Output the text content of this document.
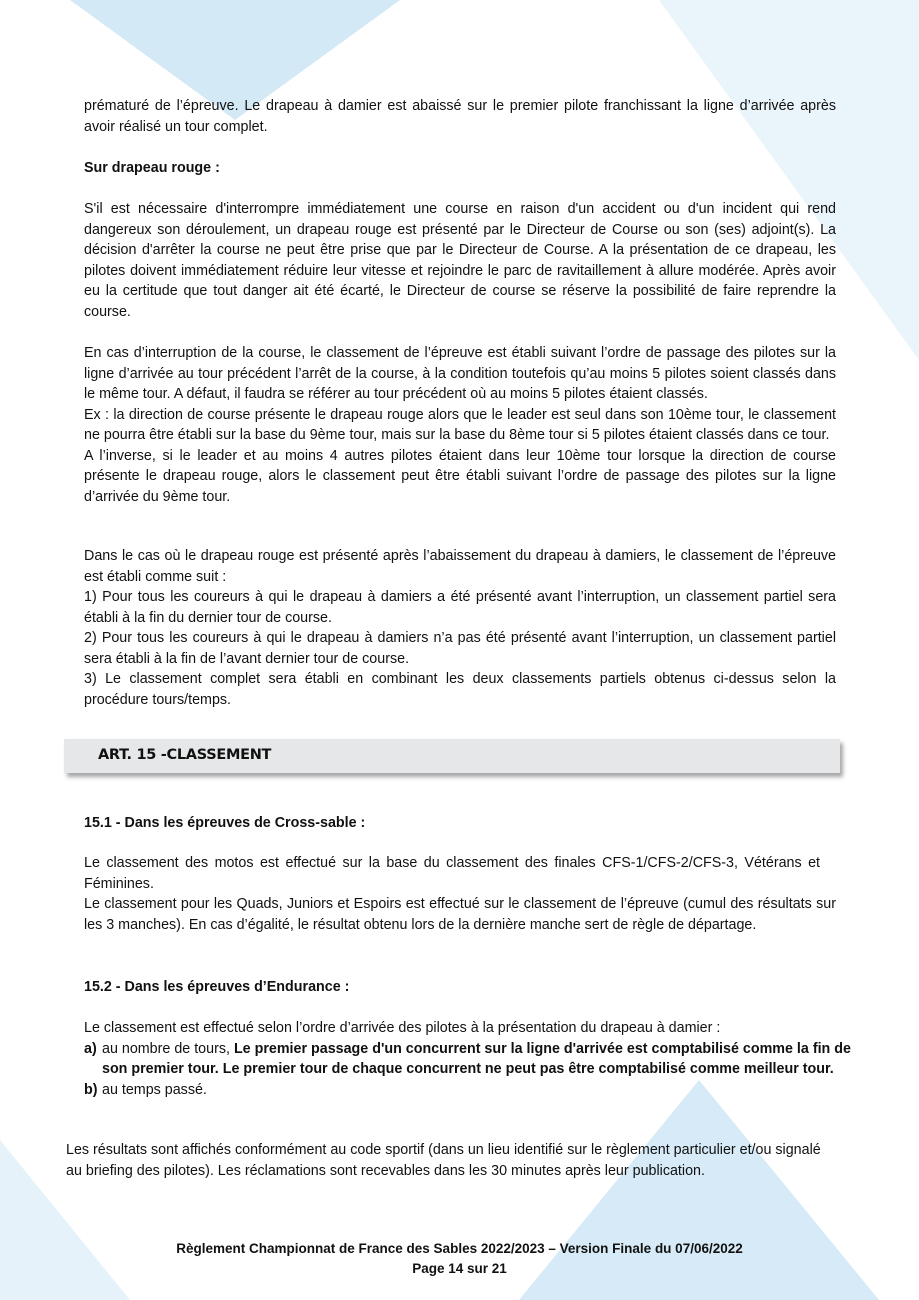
prématuré de l’épreuve. Le drapeau à damier est abaissé sur le premier pilote franchissant la ligne d’arrivée après avoir réalisé un tour complet.

Sur drapeau rouge :

S'il est nécessaire d'interrompre immédiatement une course en raison d'un accident ou d'un incident qui rend dangereux son déroulement, un drapeau rouge est présenté par le Directeur de Course ou son (ses) adjoint(s). La décision d'arrêter la course ne peut être prise que par le Directeur de Course. A la présentation de ce drapeau, les pilotes doivent immédiatement réduire leur vitesse et rejoindre le parc de ravitaillement à allure modérée. Après avoir eu la certitude que tout danger ait été écarté, le Directeur de course se réserve la possibilité de faire reprendre la course.

En cas d’interruption de la course, le classement de l’épreuve est établi suivant l’ordre de passage des pilotes sur la ligne d’arrivée au tour précédent l’arrêt de la course, à la condition toutefois qu’au moins 5 pilotes soient classés dans le même tour. A défaut, il faudra se référer au tour précédent où au moins 5 pilotes étaient classés.

Ex : la direction de course présente le drapeau rouge alors que le leader est seul dans son 10ème tour, le classement ne pourra être établi sur la base du 9ème tour, mais sur la base du 8ème tour si 5 pilotes étaient classés dans ce tour.

A l’inverse, si le leader et au moins 4 autres pilotes étaient dans leur 10ème tour lorsque la direction de course présente le drapeau rouge, alors le classement peut être établi suivant l’ordre de passage des pilotes sur la ligne d’arrivée du 9ème tour.

Dans le cas où le drapeau rouge est présenté après l’abaissement du drapeau à damiers, le classement de l’épreuve est établi comme suit :

1) Pour tous les coureurs à qui le drapeau à damiers a été présenté avant l’interruption, un classement partiel sera établi à la fin du dernier tour de course.

2) Pour tous les coureurs à qui le drapeau à damiers n’a pas été présenté avant l’interruption, un classement partiel sera établi à la fin de l’avant dernier tour de course.

3) Le classement complet sera établi en combinant les deux classements partiels obtenus ci-dessus selon la procédure tours/temps.

ART. 15 -CLASSEMENT

15.1 - Dans les épreuves de Cross-sable :

Le classement des motos est effectué sur la base du classement des finales CFS-1/CFS-2/CFS-3, Vétérans et Féminines.

Le classement pour les Quads, Juniors et Espoirs est effectué sur le classement de l’épreuve (cumul des résultats sur les 3 manches). En cas d’égalité, le résultat obtenu lors de la dernière manche sert de règle de départage.

15.2 - Dans les épreuves d’Endurance :

Le classement est effectué selon l’ordre d’arrivée des pilotes à la présentation du drapeau à damier :

a) au nombre de tours, Le premier passage d'un concurrent sur la ligne d'arrivée est comptabilisé comme la fin de son premier tour. Le premier tour de chaque concurrent ne peut pas être comptabilisé comme meilleur tour.
b) au temps passé.

Les résultats sont affichés conformément au code sportif (dans un lieu identifié sur le règlement particulier et/ou signalé au briefing des pilotes). Les réclamations sont recevables dans les 30 minutes après leur publication.

Règlement Championnat de France des Sables 2022/2023 – Version Finale du 07/06/2022
Page 14 sur 21
